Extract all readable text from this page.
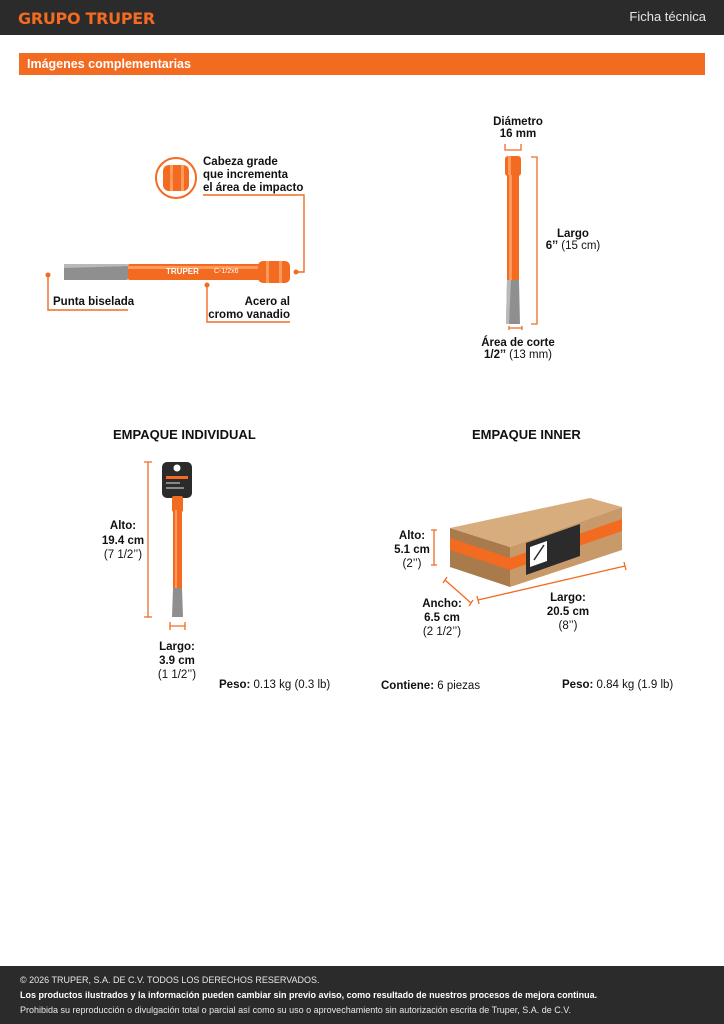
GRUPO TRUPER	Ficha técnica
Imágenes complementarias
TRUPER C-1/2x6
Cabeza grade
que incrementa
el área de impacto
Punta biselada	Acero al
cromo vanadio
Diámetro
16 mm
Largo
6’’ (15 cm)
Área de corte
1/2’’ (13 mm)
EMPAQUE INDIVIDUAL
Alto:
19.4 cm
(7 1/2’’)
Largo:
3.9 cm
(1 1/2’’)
Peso: 0.13 kg (0.3 lb)
EMPAQUE INNER
Alto:
5.1 cm
(2’’)
Ancho:
6.5 cm
(2 1/2’’)
Largo:
20.5 cm
(8’’)
Contiene: 6 piezas	Peso: 0.84 kg (1.9 lb)
© 2026 TRUPER, S.A. DE C.V. TODOS LOS DERECHOS RESERVADOS.
Los productos ilustrados y la información pueden cambiar sin previo aviso, como resultado de nuestros procesos de mejora continua.
Prohibida su reproducción o divulgación total o parcial así como su uso o aprovechamiento sin autorización escrita de Truper, S.A. de C.V.
